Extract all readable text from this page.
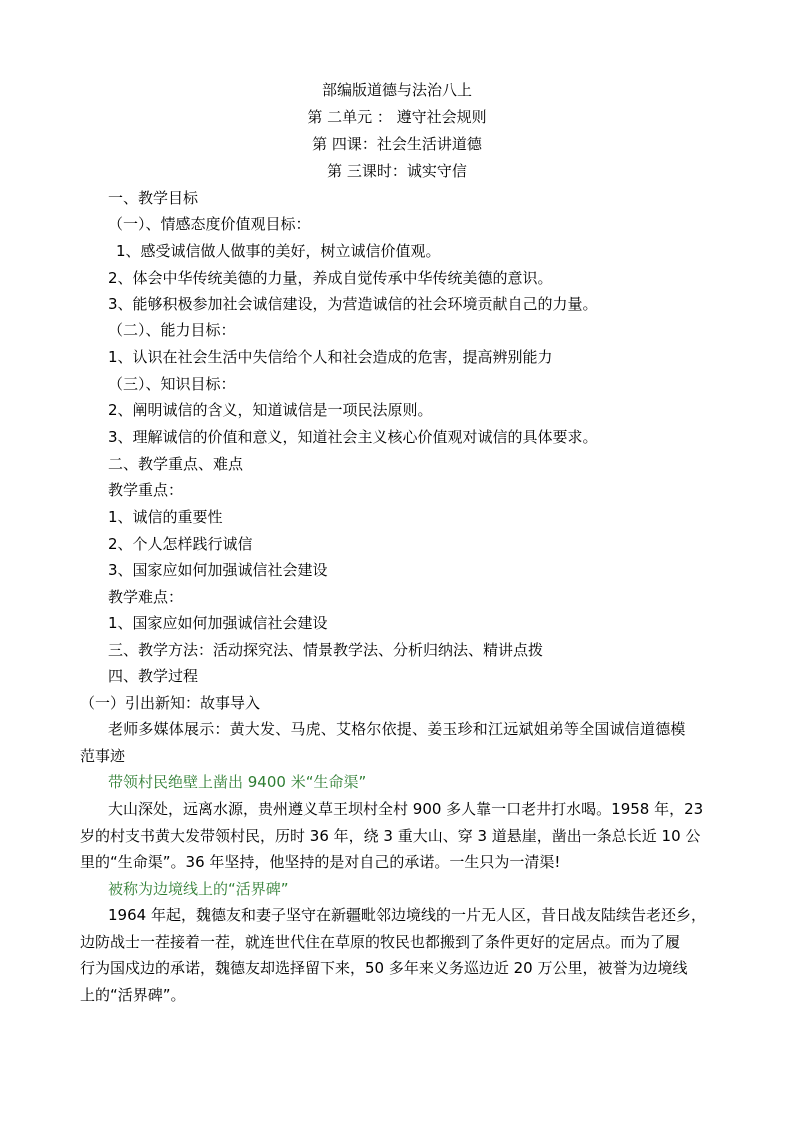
部编版道德与法治八上
第 二单元 ： 遵守社会规则
第 四课：社会生活讲道德
第 三课时：诚实守信
一、教学目标
（一）、情感态度价值观目标：
1、感受诚信做人做事的美好，树立诚信价值观。
2、体会中华传统美德的力量，养成自觉传承中华传统美德的意识。
3、能够积极参加社会诚信建设，为营造诚信的社会环境贡献自己的力量。
（二）、能力目标：
1、认识在社会生活中失信给个人和社会造成的危害，提高辨别能力
（三）、知识目标：
2、阐明诚信的含义，知道诚信是一项民法原则。
3、理解诚信的价值和意义，知道社会主义核心价值观对诚信的具体要求。
二、教学重点、难点
教学重点：
1、诚信的重要性
2、个人怎样践行诚信
3、国家应如何加强诚信社会建设
教学难点：
1、国家应如何加强诚信社会建设
三、教学方法：活动探究法、情景教学法、分析归纳法、精讲点拨
四、教学过程
（一）引出新知：故事导入
老师多媒体展示：黄大发、马虎、艾格尔依提、姜玉珍和江远斌姐弟等全国诚信道德模
范事迹
带领村民绝壁上凿出 9400 米“生命渠”
大山深处，远离水源，贵州遵义草王坝村全村 900 多人靠一口老井打水喝。1958 年，23
岁的村支书黄大发带领村民，历时 36 年，绕 3 重大山、穿 3 道悬崖，凿出一条总长近 10 公
里的“生命渠”。36 年坚持，他坚持的是对自己的承诺。一生只为一清渠!
被称为边境线上的“活界碑”
1964 年起，魏德友和妻子坚守在新疆毗邻边境线的一片无人区，昔日战友陆续告老还乡，
边防战士一茬接着一茬，就连世代住在草原的牧民也都搬到了条件更好的定居点。而为了履
行为国戍边的承诺，魏德友却选择留下来，50 多年来义务巡边近 20 万公里，被誉为边境线
上的“活界碑”。
